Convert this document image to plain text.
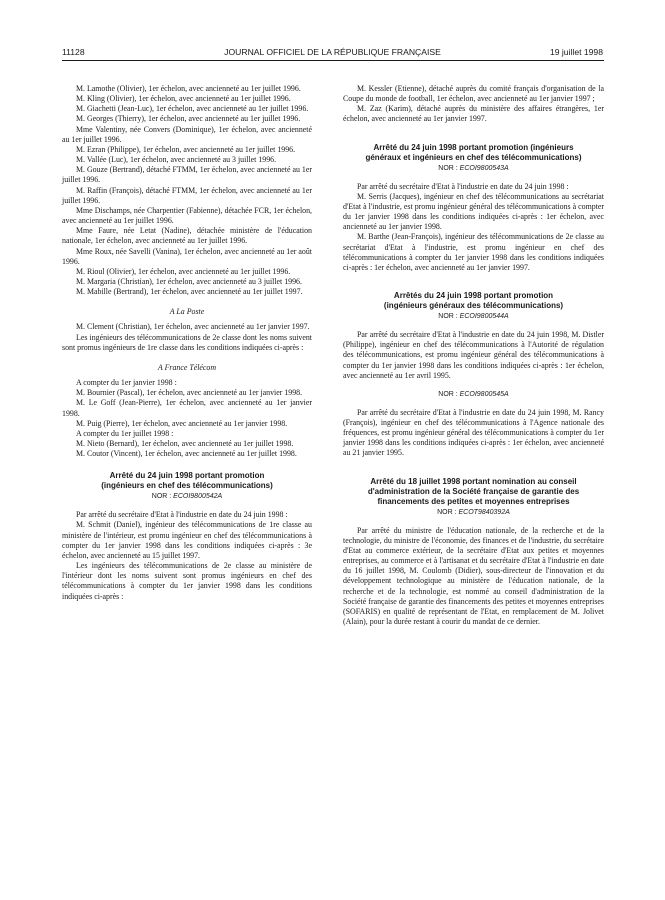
11128	JOURNAL OFFICIEL DE LA RÉPUBLIQUE FRANÇAISE	19 juillet 1998

M. Lamothe (Olivier), 1er échelon, avec ancienneté au 1er juillet 1996.

M. Kling (Olivier), 1er échelon, avec ancienneté au 1er juillet 1996.

M. Giachetti (Jean-Luc), 1er échelon, avec ancienneté au 1er juillet 1996.

M. Georges (Thierry), 1er échelon, avec ancienneté au 1er juillet 1996.

Mme Valentiny, née Convers (Dominique), 1er échelon, avec ancienneté au 1er juillet 1996.

M. Ezran (Philippe), 1er échelon, avec ancienneté au 1er juillet 1996.

M. Vallée (Luc), 1er échelon, avec ancienneté au 3 juillet 1996.

M. Gouze (Bertrand), détaché FTMM, 1er échelon, avec ancienneté au 1er juillet 1996.

M. Raffin (François), détaché FTMM, 1er échelon, avec ancienneté au 1er juillet 1996.

Mme Dischamps, née Charpentier (Fabienne), détachée FCR, 1er échelon, avec ancienneté au 1er juillet 1996.

Mme Faure, née Letat (Nadine), détachée ministère de l'éducation nationale, 1er échelon, avec ancienneté au 1er juillet 1996.

Mme Roux, née Savelli (Vanina), 1er échelon, avec ancienneté au 1er août 1996.

M. Rioul (Olivier), 1er échelon, avec ancienneté au 1er juillet 1996.

M. Margaria (Christian), 1er échelon, avec ancienneté au 3 juillet 1996.

M. Mabille (Bertrand), 1er échelon, avec ancienneté au 1er juillet 1997.

A La Poste

M. Clement (Christian), 1er échelon, avec ancienneté au 1er janvier 1997.

Les ingénieurs des télécommunications de 2e classe dont les noms suivent sont promus ingénieurs de 1re classe dans les conditions indiquées ci-après :

A France Télécom

A compter du 1er janvier 1998 :

M. Bournier (Pascal), 1er échelon, avec ancienneté au 1er janvier 1998.

M. Le Goff (Jean-Pierre), 1er échelon, avec ancienneté au 1er janvier 1998.

M. Puig (Pierre), 1er échelon, avec ancienneté au 1er janvier 1998.

A compter du 1er juillet 1998 :

M. Nieto (Bernard), 1er échelon, avec ancienneté au 1er juillet 1998.

M. Coutor (Vincent), 1er échelon, avec ancienneté au 1er juillet 1998.

Arrêté du 24 juin 1998 portant promotion

(ingénieurs en chef des télécommunications)

NOR : ECOI9800542A

Par arrêté du secrétaire d'Etat à l'industrie en date du 24 juin 1998 :

M. Schmit (Daniel), ingénieur des télécommunications de 1re classe au ministère de l'intérieur, est promu ingénieur en chef des télécommunications à compter du 1er janvier 1998 dans les conditions indiquées ci-après : 3e échelon, avec ancienneté au 15 juillet 1997.

Les ingénieurs des télécommunications de 2e classe au ministère de l'intérieur dont les noms suivent sont promus ingénieurs en chef des télécommunications à compter du 1er janvier 1998 dans les conditions indiquées ci-après :

M. Kessler (Etienne), détaché auprès du comité français d'organisation de la Coupe du monde de football, 1er échelon, avec ancienneté au 1er janvier 1997 ;

M. Zaz (Karim), détaché auprès du ministère des affaires étrangères, 1er échelon, avec ancienneté au 1er janvier 1997.

Arrêté du 24 juin 1998 portant promotion (ingénieurs

généraux et ingénieurs en chef des télécommunications)

NOR : ECOI9800543A

Par arrêté du secrétaire d'Etat à l'industrie en date du 24 juin 1998 :

M. Serris (Jacques), ingénieur en chef des télécommunications au secrétariat d'Etat à l'industrie, est promu ingénieur général des télécommunications à compter du 1er janvier 1998 dans les conditions indiquées ci-après : 1er échelon, avec ancienneté au 1er janvier 1998.

M. Barthe (Jean-François), ingénieur des télécommunications de 2e classe au secrétariat d'Etat à l'industrie, est promu ingénieur en chef des télécommunications à compter du 1er janvier 1998 dans les conditions indiquées ci-après : 1er échelon, avec ancienneté au 1er janvier 1997.

Arrêtés du 24 juin 1998 portant promotion

(ingénieurs généraux des télécommunications)

NOR : ECOI9800544A

Par arrêté du secrétaire d'Etat à l'industrie en date du 24 juin 1998, M. Distler (Philippe), ingénieur en chef des télécommunications à l'Autorité de régulation des télécommunications, est promu ingénieur général des télécommunications à compter du 1er janvier 1998 dans les conditions indiquées ci-après : 1er échelon, avec ancienneté au 1er avril 1995.

NOR : ECOI9800545A

Par arrêté du secrétaire d'Etat à l'industrie en date du 24 juin 1998, M. Rancy (François), ingénieur en chef des télécommunications à l'Agence nationale des fréquences, est promu ingénieur général des télécommunications à compter du 1er janvier 1998 dans les conditions indiquées ci-après : 1er échelon, avec ancienneté au 21 janvier 1995.

Arrêté du 18 juillet 1998 portant nomination au conseil

d'administration de la Société française de garantie des

financements des petites et moyennes entreprises

NOR : ECOT9840392A

Par arrêté du ministre de l'éducation nationale, de la recherche et de la technologie, du ministre de l'économie, des finances et de l'industrie, du secrétaire d'Etat au commerce extérieur, de la secrétaire d'Etat aux petites et moyennes entreprises, au commerce et à l'artisanat et du secrétaire d'Etat à l'industrie en date du 16 juillet 1998, M. Coulomb (Didier), sous-directeur de l'innovation et du développement technologique au ministère de l'éducation nationale, de la recherche et de la technologie, est nommé au conseil d'administration de la Société française de garantie des financements des petites et moyennes entreprises (SOFARIS) en qualité de représentant de l'Etat, en remplacement de M. Jolivet (Alain), pour la durée restant à courir du mandat de ce dernier.
